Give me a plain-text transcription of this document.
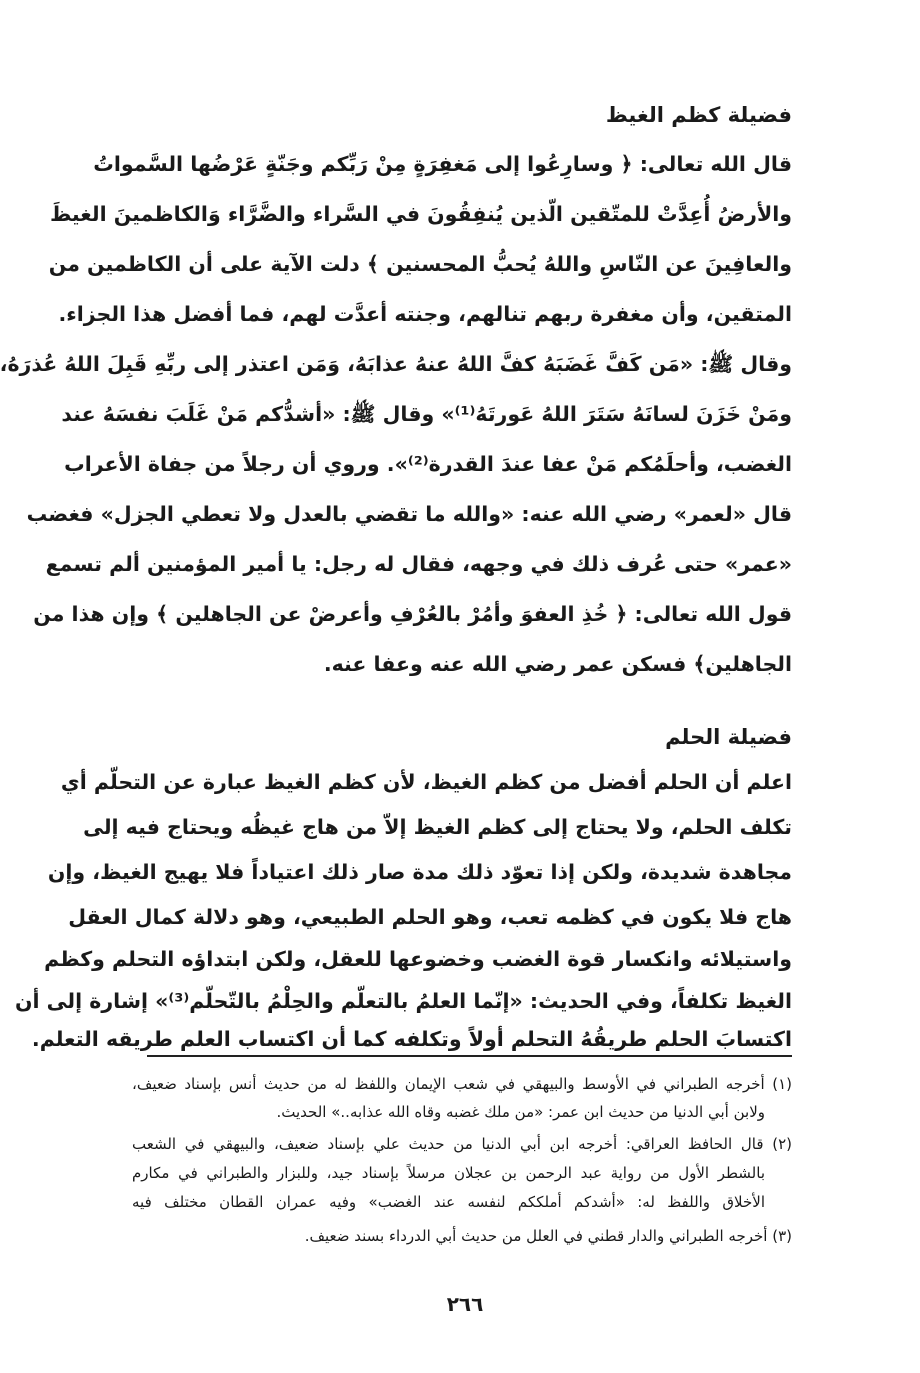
فضيلة كظم الغيظ
قال الله تعالى: ﴿ وسارِعُوا إلى مَغفِرَةٍ مِنْ رَبِّكم وجَنّةٍ عَرْضُها السَّمواتُ
والأرضُ أُعِدَّتْ للمتّقين الّذين يُنفِقُونَ في السَّراء والضَّرَّاء وَالكاظمينَ الغيظَ
والعافِينَ عن النّاسِ واللهُ يُحبُّ المحسنين ﴾ دلت الآية على أن الكاظمين من
المتقين، وأن مغفرة ربهم تنالهم، وجنته أعدَّت لهم، فما أفضل هذا الجزاء.
وقال ﷺ: «مَن كَفَّ غَضَبَهُ كفَّ اللهُ عنهُ عذابَهُ، وَمَن اعتذر إلى ربِّهِ قَبِلَ اللهُ عُذرَهُ،
ومَنْ خَزَنَ لسانَهُ سَتَرَ اللهُ عَورتَهُ⁽¹⁾» وقال ﷺ: «أشدُّكم مَنْ غَلَبَ نفسَهُ عند
الغضب، وأحلَمُكم مَنْ عفا عندَ القدرة⁽²⁾». وروي أن رجلاً من جفاة الأعراب
قال «لعمر» رضي الله عنه: «والله ما تقضي بالعدل ولا تعطي الجزل» فغضب
«عمر» حتى عُرف ذلك في وجهه، فقال له رجل: يا أمير المؤمنين ألم تسمع
قول الله تعالى: ﴿ خُذِ العفوَ وأمُرْ بالعُرْفِ وأعرضْ عن الجاهلين ﴾ وإن هذا من
الجاهلين﴾ فسكن عمر رضي الله عنه وعفا عنه.
فضيلة الحلم
اعلم أن الحلم أفضل من كظم الغيظ، لأن كظم الغيظ عبارة عن التحلّم أي
تكلف الحلم، ولا يحتاج إلى كظم الغيظ إلاّ من هاج غيظُه ويحتاج فيه إلى
مجاهدة شديدة، ولكن إذا تعوّد ذلك مدة صار ذلك اعتياداً فلا يهيج الغيظ، وإن
هاج فلا يكون في كظمه تعب، وهو الحلم الطبيعي، وهو دلالة كمال العقل
واستيلائه وانكسار قوة الغضب وخضوعها للعقل، ولكن ابتداؤه التحلم وكظم
الغيظ تكلفاً، وفي الحديث: «إنّما العلمُ بالتعلّم والحِلْمُ بالتّحلّم⁽³⁾» إشارة إلى أن
اكتسابَ الحلم طريقُهُ التحلم أولاً وتكلفه كما أن اكتساب العلم طريقه التعلم.
(١) أخرجه الطبراني في الأوسط والبيهقي في شعب الإيمان واللفظ له من حديث أنس بإسناد ضعيف،
ولابن أبي الدنيا من حديث ابن عمر: «من ملك غضبه وقاه الله عذابه..» الحديث.
(٢) قال الحافظ العراقي: أخرجه ابن أبي الدنيا من حديث علي بإسناد ضعيف، والبيهقي في الشعب
بالشطر الأول من رواية عبد الرحمن بن عجلان مرسلاً بإسناد جيد، وللبزار والطبراني في مكارم
الأخلاق واللفظ له: «أشدكم أملككم لنفسه عند الغضب» وفيه عمران القطان مختلف فيه
(٣) أخرجه الطبراني والدار قطني في العلل من حديث أبي الدرداء بسند ضعيف.
٢٦٦
